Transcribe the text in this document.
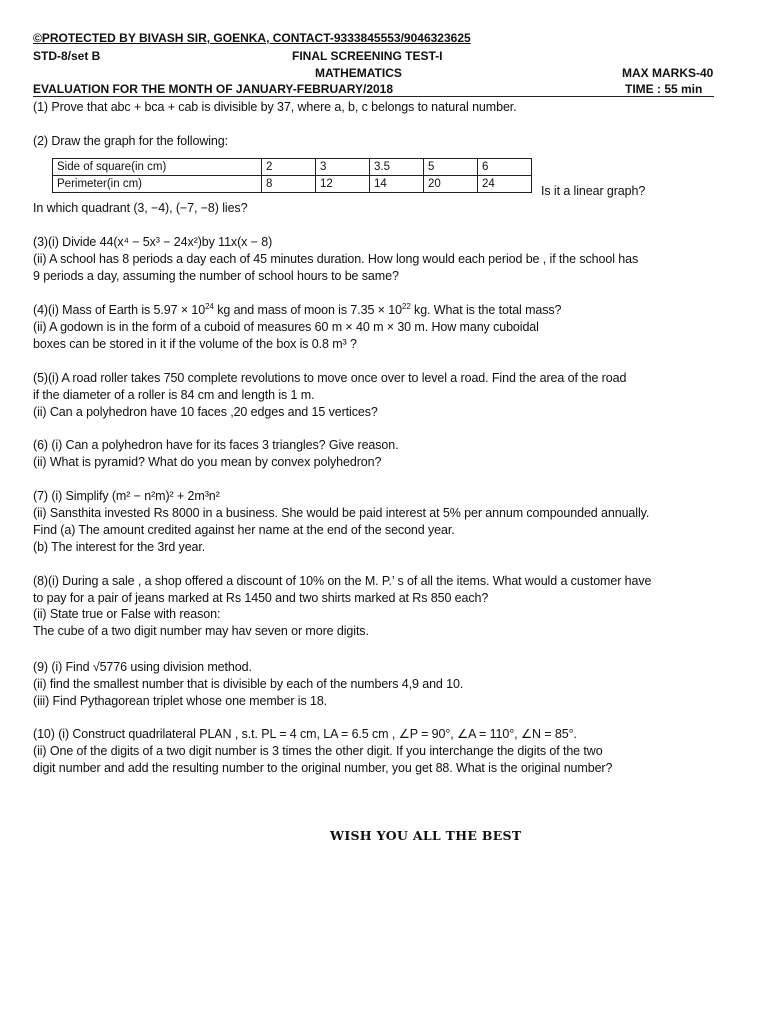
©PROTECTED BY BIVASH SIR, GOENKA, CONTACT-9333845553/9046323625
STD-8/set B	FINAL SCREENING TEST-I
MATHEMATICS	MAX MARKS-40
EVALUATION FOR THE MONTH OF JANUARY-FEBRUARY/2018	TIME : 55 min
(1) Prove that abc + bca + cab is divisible by 37, where a, b, c belongs to natural number.
(2) Draw the graph for the following:
Side of square(in cm)	2	3	3.5	5	6
Perimeter(in cm)	8	12	14	20	24	Is it a linear graph?
In which quadrant (3, −4), (−7, −8) lies?
(3)(i) Divide 44(x⁴ − 5x³ − 24x²)by 11x(x − 8)
(ii) A school has 8 periods a day each of 45 minutes duration. How long would each period be , if the school has
9 periods a day, assuming the number of school hours to be same?
(4)(i) Mass of Earth is $5.97 \times 10^{24}$ kg and mass of moon is $7.35 \times 10^{22}$ kg. What is the total mass?
(ii) A godown is in the form of a cuboid of measures 60 m × 40 m × 30 m. How many cuboidal
boxes can be stored in it if the volume of the box is 0.8 m³ ?
(5)(i) A road roller takes 750 complete revolutions to move once over to level a road. Find the area of the road
if the diameter of a roller is 84 cm and length is 1 m.
(ii) Can a polyhedron have 10 faces ,20 edges and 15 vertices?
(6) (i) Can a polyhedron have for its faces 3 triangles? Give reason.
(ii) What is pyramid? What do you mean by convex polyhedron?
(7) (i) Simplify (m² − n²m)² + 2m³n²
(ii) Sansthita invested Rs 8000 in a business. She would be paid interest at 5% per annum compounded annually.
Find (a) The amount credited against her name at the end of the second year.
(b) The interest for the 3rd year.
(8)(i) During a sale , a shop offered a discount of 10% on the M. P.’ s of all the items. What would a customer have
to pay for a pair of jeans marked at Rs 1450 and two shirts marked at Rs 850 each?
(ii) State true or False with reason:
The cube of a two digit number may hav seven or more digits.
(9) (i) Find √5776 using division method.
(ii) find the smallest number that is divisible by each of the numbers 4,9 and 10.
(iii) Find Pythagorean triplet whose one member is 18.
(10) (i) Construct quadrilateral PLAN , s.t. PL = 4 cm, LA = 6.5 cm , ∠P = 90°, ∠A = 110°, ∠N = 85°.
(ii) One of the digits of a two digit number is 3 times the other digit. If you interchange the digits of the two
digit number and add the resulting number to the original number, you get 88. What is the original number?
WISH YOU ALL THE BEST
